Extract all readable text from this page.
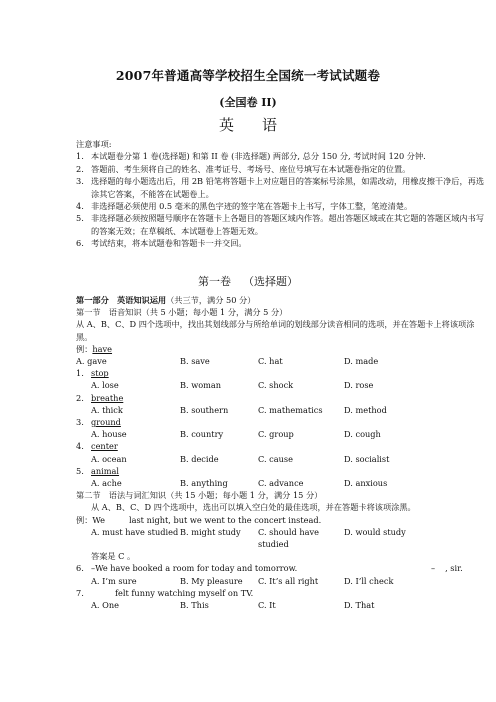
2007年普通高等学校招生全国统一考试试题卷
(全国卷 II)
英语
注意事项:
1. 本试题卷分第 1 卷(选择题) 和第 II 卷 (非选择题) 两部分, 总分 150 分, 考试时间 120 分钟.
2. 答题前、考生须将自己的姓名、准考证号、考场号、座位号填写在本试题卷指定的位置。
3. 选择题的每小题选出后，用 2B 铅笔将答题卡上对应题目的答案标号涂黑，如需改动，用橡皮擦干净后，再选涂其它答案，不能答在试题卷上。
4. 非选择题必须使用 0.5 毫米的黑色字迹的签字笔在答题卡上书写，字体工整，笔迹清楚。
5. 非选择题必须按照题号顺序在答题卡上各题目的答题区域内作答。超出答题区域或在其它题的答题区域内书写的答案无效；在草稿纸、本试题卷上答题无效。
6. 考试结束，将本试题卷和答题卡一并交回。
第一卷 （选择题）
第一部分　英语知识运用（共三节，满分 50 分）
第一节　语音知识（共 5 小题；每小题 1 分，满分 5 分）
从 A、B、C、D 四个选项中，找出其划线部分与所给单词的划线部分读音相同的选项，并在答题卡上将该项涂黑。
例：have
A. gave	B. save	C. hat	D. made
1. stop
A. lose	B. woman	C. shock	D. rose
2. breathe
A. thick	B. southern	C. mathematics	D. method
3. ground
A. house	B. country	C. group	D. cough
4. center
A. ocean	B. decide	C. cause	D. socialist
5. animal
A. ache	B. anything	C. advance	D. anxious
第二节　语法与词汇知识（共 15 小题；每小题 1 分，满分 15 分）
从 A、B、C、D 四个选项中，选出可以填入空白处的最佳选项，并在答题卡将该项涂黑。
例：We	last night, but we went to the concert instead.
A. must have studied B. might study	C. should have studied
D. would study
答案是 C 。
6. –We have booked a room for today and tomorrow.	– , sir.
A. I’m sure	B. My pleasure	C. It’s all right	D. I’ll check
7.	felt funny watching myself on TV.
A. One	B. This	C. It	D. That
